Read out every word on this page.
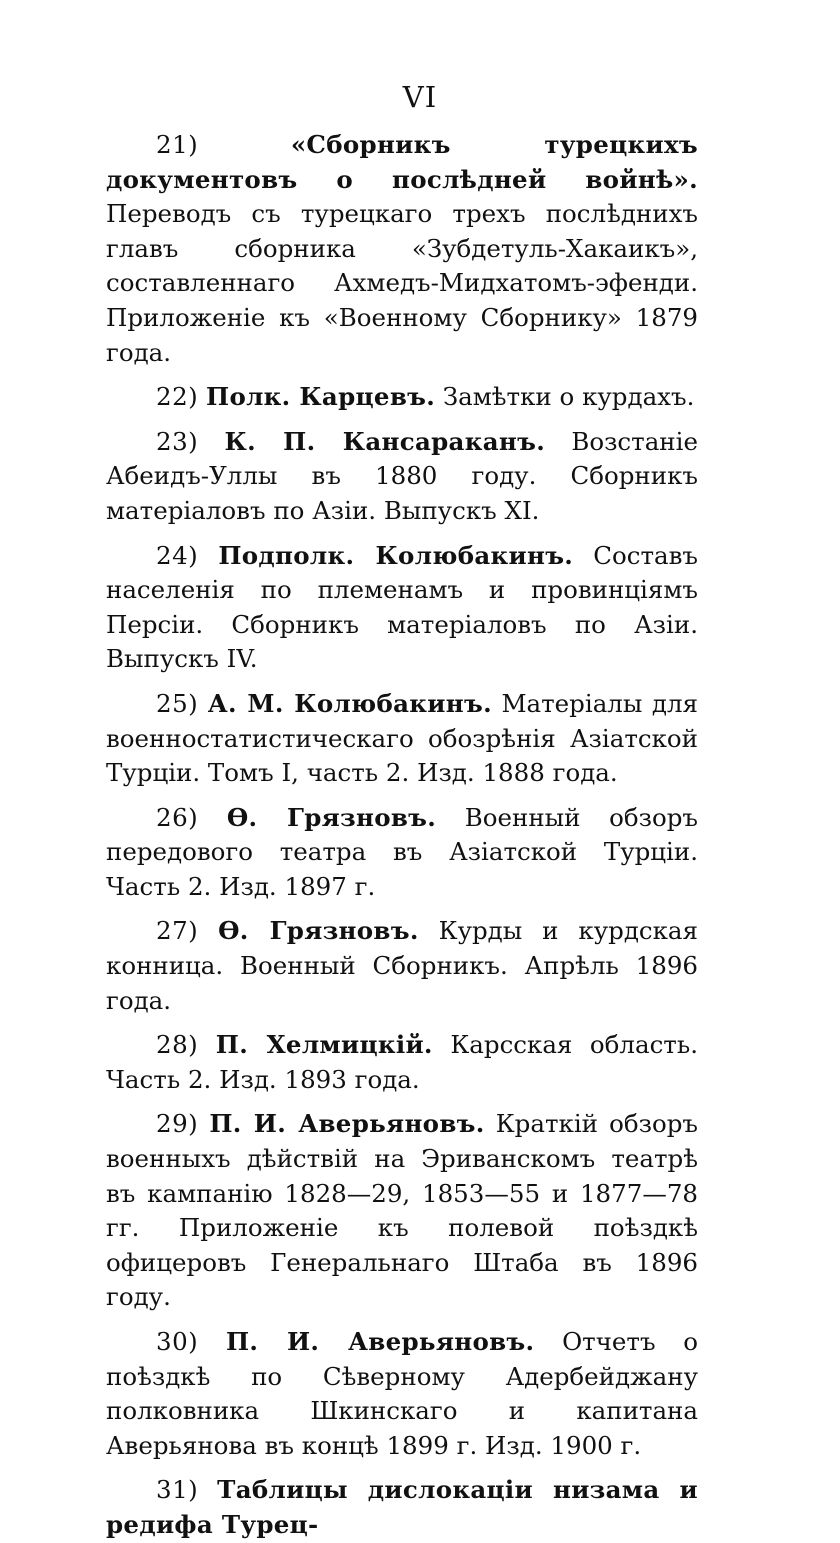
VI

21)	«Сборникъ турецкихъ документовъ о послѣдней войнѣ». Переводъ съ турецкаго трехъ послѣднихъ главъ сборника «Зубдетуль-Хакаикъ», составленнаго Ахмедъ-Мидхатомъ-эфенди. Приложеніе къ «Военному Сборнику» 1879 года.

22) Полк. Карцевъ. Замѣтки о курдахъ.

23) К. П. Кансараканъ. Возстаніе Абеидъ-Уллы въ 1880 году. Сборникъ матеріаловъ по Азіи. Выпускъ XI.

24) Подполк. Колюбакинъ. Составъ населенія по племенамъ и провинціямъ Персіи. Сборникъ матеріаловъ по Азіи. Выпускъ IV.

25) А. М. Колюбакинъ. Матеріалы для военностатистическаго обозрѣнія Азіатской Турціи. Томъ I, часть 2. Изд. 1888 года.

26) Ѳ. Грязновъ. Военный обзоръ передового театра въ Азіатской Турціи. Часть 2. Изд. 1897 г.

27) Ѳ. Грязновъ. Курды и курдская конница. Военный Сборникъ. Апрѣль 1896 года.

28) П. Хелмицкій. Карсская область. Часть 2. Изд. 1893 года.

29) П. И. Аверьяновъ. Краткій обзоръ военныхъ дѣйствій на Эриванскомъ театрѣ въ кампанію 1828—29, 1853—55 и 1877—78 гг. Приложеніе къ полевой поѣздкѣ офицеровъ Генеральнаго Штаба въ 1896 году.

30) П. И. Аверьяновъ. Отчетъ о поѣздкѣ по Сѣверному Адербейджану полковника Шкинскаго и капитана Аверьянова въ концѣ 1899 г. Изд. 1900 г.

31) Таблицы дислокаціи низама и редифа Турец-
